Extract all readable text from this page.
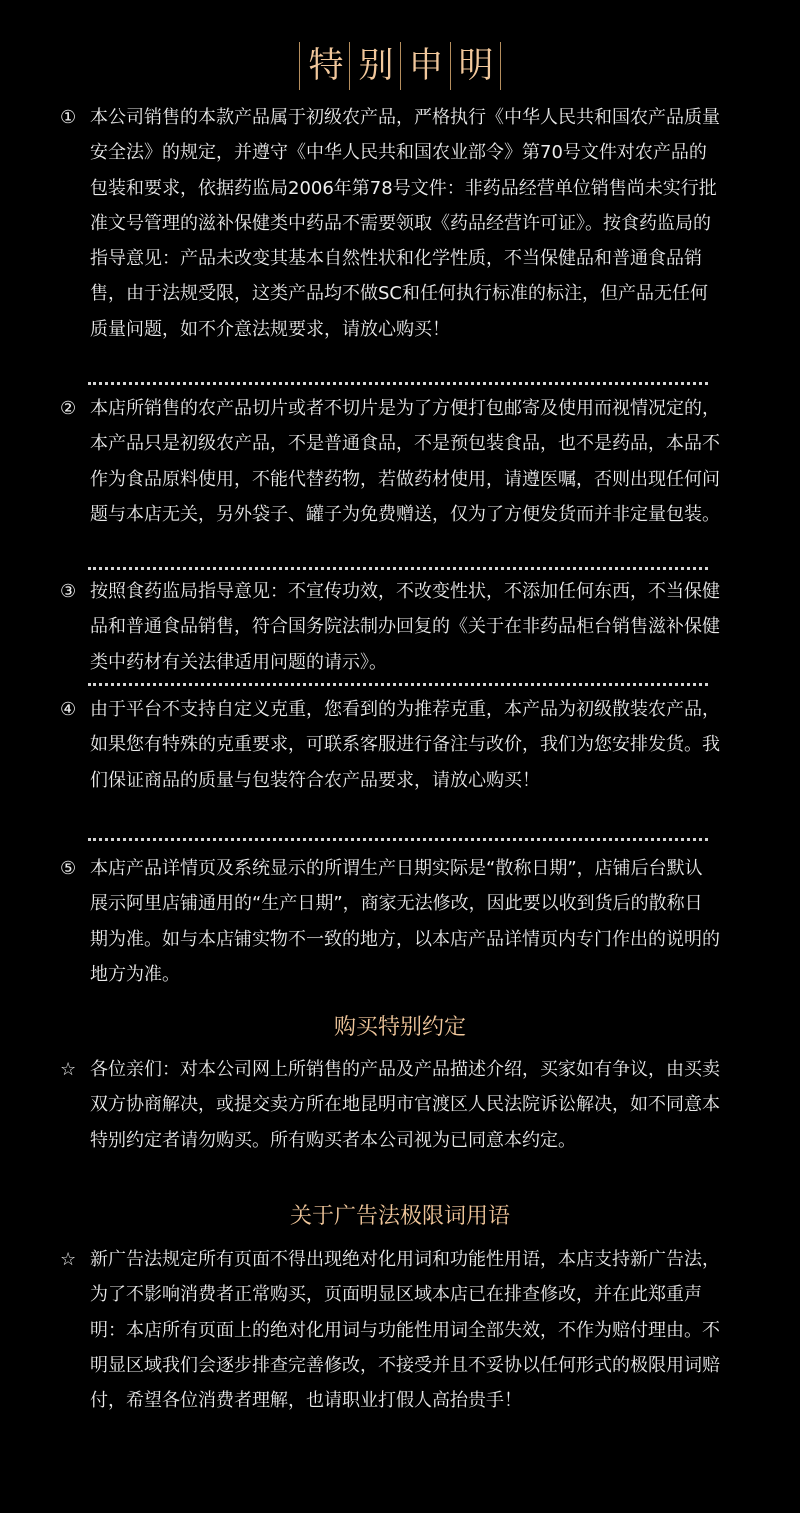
特 别 申 明
① 本公司销售的本款产品属于初级农产品，严格执行《中华人民共和国农产品质量安全法》的规定，并遵守《中华人民共和国农业部令》第70号文件对农产品的包装和要求，依据药监局2006年第78号文件：非药品经营单位销售尚未实行批准文号管理的滋补保健类中药品不需要领取《药品经营许可证》。按食药监局的指导意见：产品未改变其基本自然性状和化学性质，不当保健品和普通食品销售，由于法规受限，这类产品均不做SC和任何执行标准的标注，但产品无任何质量问题，如不介意法规要求，请放心购买！
② 本店所销售的农产品切片或者不切片是为了方便打包邮寄及使用而视情况定的，本产品只是初级农产品，不是普通食品，不是预包装食品，也不是药品，本品不作为食品原料使用，不能代替药物，若做药材使用，请遵医嘱，否则出现任何问题与本店无关，另外袋子、罐子为免费赠送，仅为了方便发货而并非定量包装。
③ 按照食药监局指导意见：不宣传功效，不改变性状，不添加任何东西，不当保健品和普通食品销售，符合国务院法制办回复的《关于在非药品柜台销售滋补保健类中药材有关法律适用问题的请示》。
④ 由于平台不支持自定义克重，您看到的为推荐克重，本产品为初级散装农产品，如果您有特殊的克重要求，可联系客服进行备注与改价，我们为您安排发货。我们保证商品的质量与包装符合农产品要求，请放心购买！
⑤ 本店产品详情页及系统显示的所谓生产日期实际是“散称日期”，店铺后台默认展示阿里店铺通用的“生产日期”，商家无法修改，因此要以收到货后的散称日期为准。如与本店铺实物不一致的地方，以本店产品详情页内专门作出的说明的地方为准。
购买特别约定
☆ 各位亲们：对本公司网上所销售的产品及产品描述介绍，买家如有争议，由买卖双方协商解决，或提交卖方所在地昆明市官渡区人民法院诉讼解决，如不同意本特别约定者请勿购买。所有购买者本公司视为已同意本约定。
关于广告法极限词用语
☆ 新广告法规定所有页面不得出现绝对化用词和功能性用语，本店支持新广告法，为了不影响消费者正常购买，页面明显区域本店已在排查修改，并在此郑重声明：本店所有页面上的绝对化用词与功能性用词全部失效，不作为赔付理由。不明显区域我们会逐步排查完善修改，不接受并且不妥协以任何形式的极限用词赔付，希望各位消费者理解，也请职业打假人高抬贵手！
